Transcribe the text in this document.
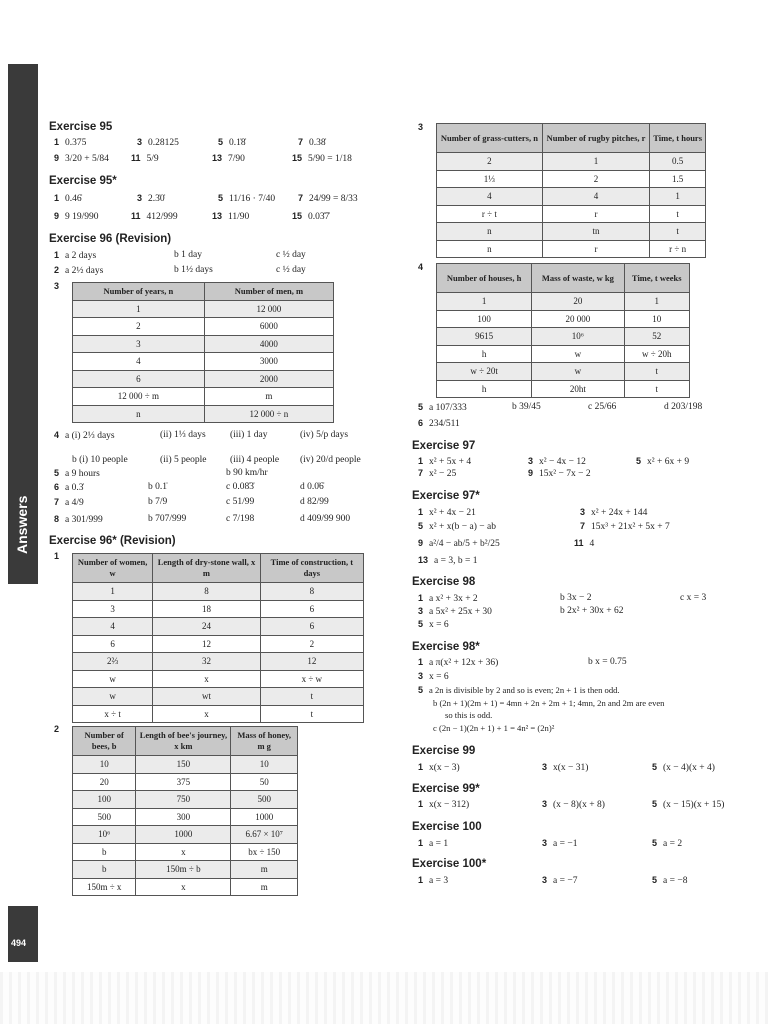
Answers
Exercise 95
1 0.375	3 0.28125	5 0.1̇8̇	7 0.38̇
9 3/20 + 5/84 11 5/9	13 7/90	15 5/90 = 1/18
Exercise 95*
1 0.46̇	3 2.3̇0̇	5 11/16 · 7/40	7 24/99 = 8/33
9 9 19/990	11 412/999	13 11/90	15 0.03̇7̇
Exercise 96 (Revision)
1 a 2 days	b 1 day	c ½ day
2 a 2½ days	b 1½ days	c ½ day
3	Number of years, n	Number of men, m
1	12 000
2	6000
3	4000
4	3000
6	2000
12 000 ÷ m	m
n	12 000 ÷ n
4 a (i) 2⅓ days	(ii) 1⅓ days	(iii) 1 day	(iv) 5/p days
b (i) 10 people	(ii) 5 people (iii) 4 people (iv) 20/d people
5 a 9 hours	b 90 km/hr
6 a 0.3̇	b 0.1̇	c 0.08̇3̇	d 0.0̇6̇
7 a 4/9	b 7/9	c 51/99	d 82/99
8 a 301/999	b 707/999	c 7/198	d 409/99 900
Exercise 96* (Revision)
1
Number of women, w	Length of dry-stone wall, x m	Time of construction, t days
1	8	8
3	18	6
4	24	6
6	12	2
2⅔	32	12
w	x	x ÷ w
w	wt	t
x ÷ t	x	t
2
Number of bees, b	Length of bee's journey, x km	Mass of honey, m g
10	150	10
20	375	50
100	750	500
500	300	1000
10⁶	1000	6.67 × 10⁷
b	x	bx ÷ 150
b	150m ÷ b	m
150m ÷ x	x	m
3
Number of grass-cutters, n	Number of rugby pitches, r	Time, t hours
2	1	0.5
1⅓	2	1.5
4	4	1
r ÷ t	r	t
n	tn	t
n	r	r ÷ n
4
Number of houses, h	Mass of waste, w kg	Time, t weeks
1	20	1
100	20 000	10
9615	10⁶	52
h	w	w ÷ 20h
w ÷ 20t	w	t
h	20ht	t
5 a 107/333	b 39/45	c 25/66	d 203/198
6 234/511
Exercise 97
1 x² + 5x + 4	3 x² − 4x − 12	5 x² + 6x + 9
7 x² − 25	9 15x² − 7x − 2
Exercise 97*
1 x² + 4x − 21	3 x² + 24x + 144
5 x² + x(b − a) − ab	7 15x³ + 21x² + 5x + 7
9 a²/4 − ab/5 + b²/25	11 4
13 a = 3, b = 1
Exercise 98
1 a x² + 3x + 2	b 3x − 2	c x = 3
3 a 5x² + 25x + 30	b 2x² + 30x + 62
5 x = 6
Exercise 98*
1 a π(x² + 12x + 36)	b x = 0.75
3 x = 6
5 a 2n is divisible by 2 and so is even; 2n + 1 is then odd.
b (2n + 1)(2m + 1) = 4mn + 2n + 2m + 1; 4mn, 2n and 2m are even
so this is odd.
c (2n − 1)(2n + 1) + 1 = 4n² = (2n)²
Exercise 99
1 x(x − 3)	3 x(x − 31)	5 (x − 4)(x + 4)
Exercise 99*
1 x(x − 312)	3 (x − 8)(x + 8)	5 (x − 15)(x + 15)
Exercise 100
1 a = 1	3 a = −1	5 a = 2
Exercise 100*
1 a = 3	3 a = −7	5 a = −8
494
